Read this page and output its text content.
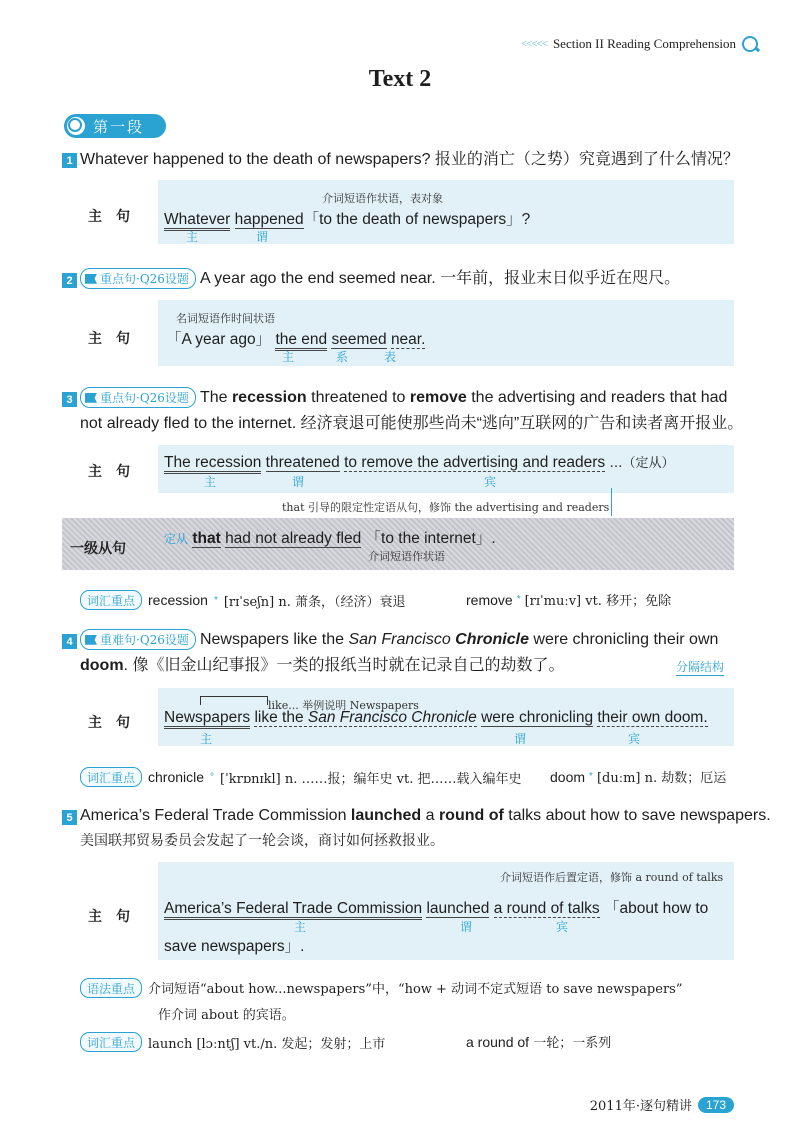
<<<<< Section II Reading Comprehension
Text 2
第一段
1 Whatever happened to the death of newspapers? 报业的消亡（之势）究竟遇到了什么情况？
主　句
介词短语作状语，表对象
Whatever happened「to the death of newspapers」?
主	谓
2	重点句·Q26设题 A year ago the end seemed near. 一年前，报业末日似乎近在咫尺。
主　句
名词短语作时间状语
「A year ago」 the end seemed near.
主	系	表
3	重点句·Q26设题 The recession threatened to remove the advertising and readers that had
not already fled to the internet. 经济衰退可能使那些尚未“逃向”互联网的广告和读者离开报业。
主　句
The recession threatened to remove the advertising and readers …（定从）
主	谓	宾
that 引导的限定性定语从句，修饰 the advertising and readers
一级从句
定从 that had not already fled 「to the internet」.
介词短语作状语
词汇重点 recession * [rɪˈseʃn] n. 萧条，（经济）衰退	remove * [rɪˈmuːv] vt. 移开；免除
4	重难句·Q26设题 Newspapers like the San Francisco Chronicle were chronicling their own
doom. 像《旧金山纪事报》一类的报纸当时就在记录自己的劫数了。	分隔结构
主　句
like... 举例说明 Newspapers
Newspapers like the San Francisco Chronicle were chronicling their own doom.
主	谓	宾
词汇重点 chronicle ° [ˈkrɒnɪkl] n. ……报；编年史 vt. 把……载入编年史 doom * [duːm] n. 劫数；厄运
5 America’s Federal Trade Commission launched a round of talks about how to save newspapers.
美国联邦贸易委员会发起了一轮会谈，商讨如何拯救报业。
主　句
介词短语作后置定语，修饰 a round of talks
America’s Federal Trade Commission launched a round of talks 「about how to
save newspapers」.
主	谓	宾
语法重点	介词短语“about how...newspapers”中，“how + 动词不定式短语 to save newspapers”
作介词 about 的宾语。
词汇重点	launch [lɔːntʃ] vt./n. 发起；发射；上市	a round of 一轮；一系列
2011年·逐句精讲	173
